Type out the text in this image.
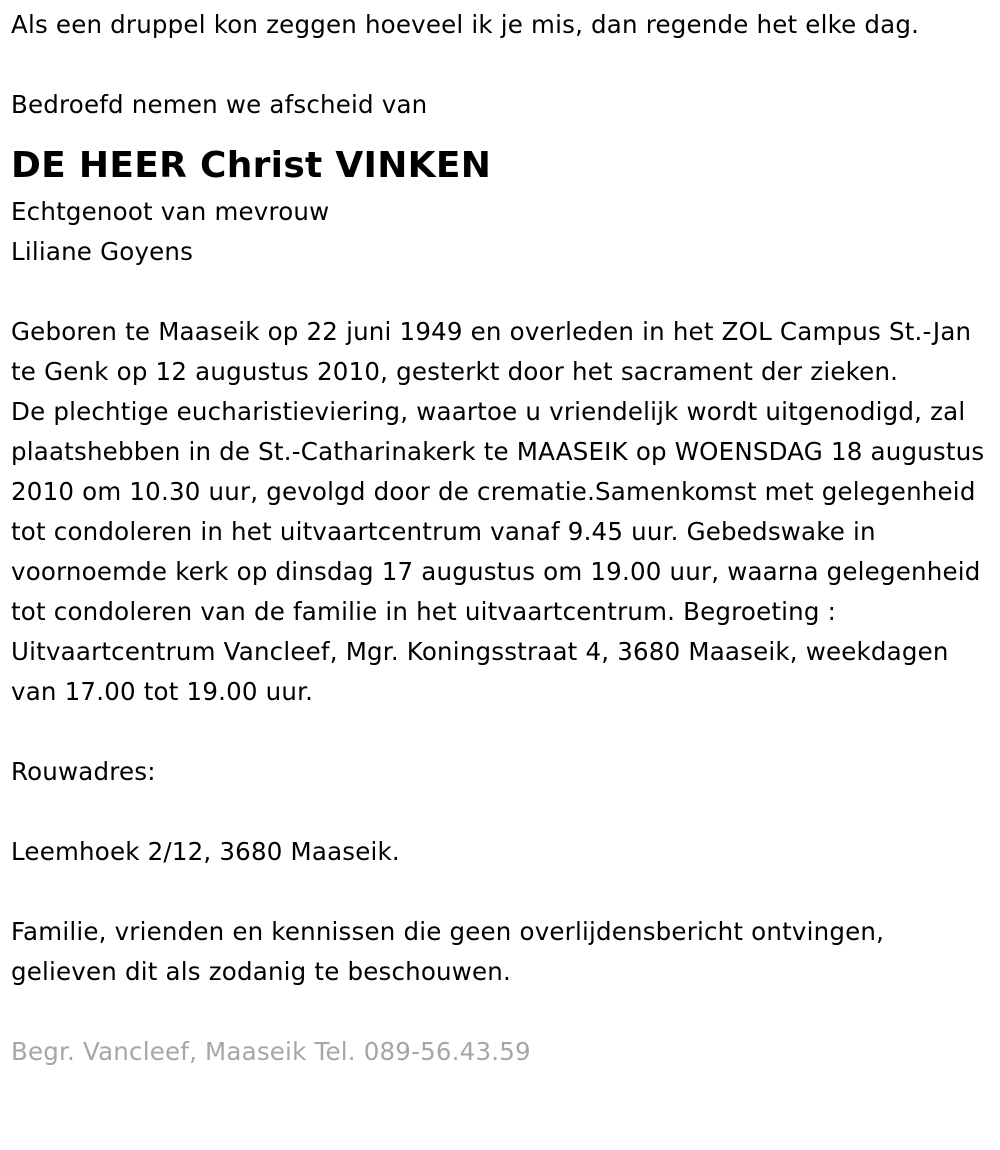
Als een druppel kon zeggen hoeveel ik je mis, dan regende het elke dag.

Bedroefd nemen we afscheid van

DE HEER Christ VINKEN

Echtgenoot van mevrouw

Liliane Goyens

Geboren te Maaseik op 22 juni 1949 en overleden in het ZOL Campus St.-Jan te Genk op 12 augustus 2010, gesterkt door het sacrament der zieken.

De plechtige eucharistieviering, waartoe u vriendelijk wordt uitgenodigd, zal plaatshebben in de St.-Catharinakerk te MAASEIK op WOENSDAG 18 augustus 2010 om 10.30 uur, gevolgd door de crematie.Samenkomst met gelegenheid tot condoleren in het uitvaartcentrum vanaf 9.45 uur. Gebedswake in voornoemde kerk op dinsdag 17 augustus om 19.00 uur, waarna gelegenheid tot condoleren van de familie in het uitvaartcentrum. Begroeting : Uitvaartcentrum Vancleef, Mgr. Koningsstraat 4, 3680 Maaseik, weekdagen van 17.00 tot 19.00 uur.

Rouwadres:

Leemhoek 2/12, 3680 Maaseik.

Familie, vrienden en kennissen die geen overlijdensbericht ontvingen, gelieven dit als zodanig te beschouwen.

Begr. Vancleef, Maaseik Tel. 089-56.43.59
